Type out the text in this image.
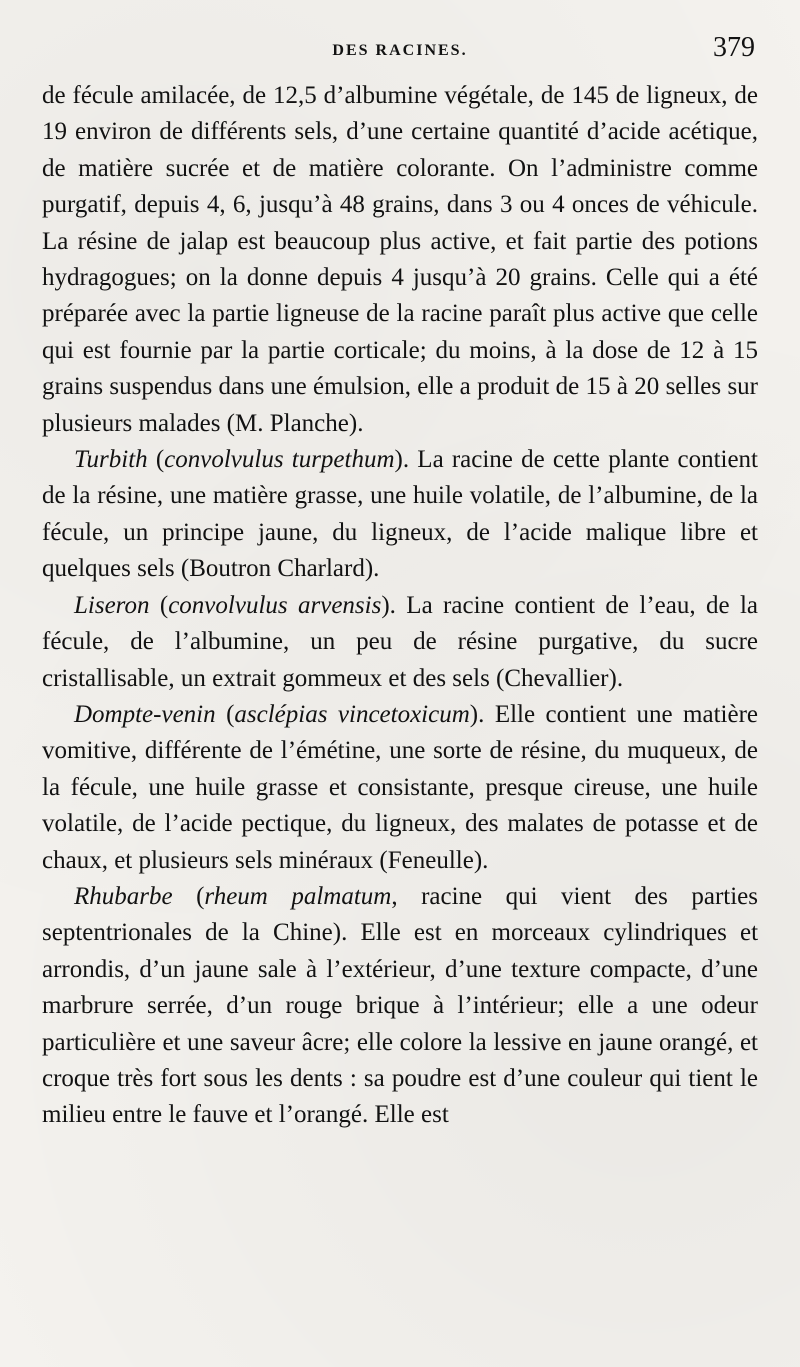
DES RACINES.	379

de fécule amilacée, de 12,5 d’albumine végétale, de 145 de ligneux, de 19 environ de différents sels, d’une certaine quantité d’acide acétique, de matière sucrée et de matière colorante. On l’administre comme purgatif, depuis 4, 6, jusqu’à 48 grains, dans 3 ou 4 onces de véhicule. La résine de jalap est beaucoup plus active, et fait partie des potions hydragogues; on la donne depuis 4 jusqu’à 20 grains. Celle qui a été préparée avec la partie ligneuse de la racine paraît plus active que celle qui est fournie par la partie corticale; du moins, à la dose de 12 à 15 grains suspendus dans une émulsion, elle a produit de 15 à 20 selles sur plusieurs malades (M. Planche).

Turbith (convolvulus turpethum). La racine de cette plante contient de la résine, une matière grasse, une huile volatile, de l’albumine, de la fécule, un principe jaune, du ligneux, de l’acide malique libre et quelques sels (Boutron Charlard).

Liseron (convolvulus arvensis). La racine contient de l’eau, de la fécule, de l’albumine, un peu de résine purgative, du sucre cristallisable, un extrait gommeux et des sels (Chevallier).

Dompte-venin (asclépias vincetoxicum). Elle contient une matière vomitive, différente de l’émétine, une sorte de résine, du muqueux, de la fécule, une huile grasse et consistante, presque cireuse, une huile volatile, de l’acide pectique, du ligneux, des malates de potasse et de chaux, et plusieurs sels minéraux (Feneulle).

Rhubarbe (rheum palmatum, racine qui vient des parties septentrionales de la Chine). Elle est en morceaux cylindriques et arrondis, d’un jaune sale à l’extérieur, d’une texture compacte, d’une marbrure serrée, d’un rouge brique à l’intérieur; elle a une odeur particulière et une saveur âcre; elle colore la lessive en jaune orangé, et croque très fort sous les dents : sa poudre est d’une couleur qui tient le milieu entre le fauve et l’orangé. Elle est
